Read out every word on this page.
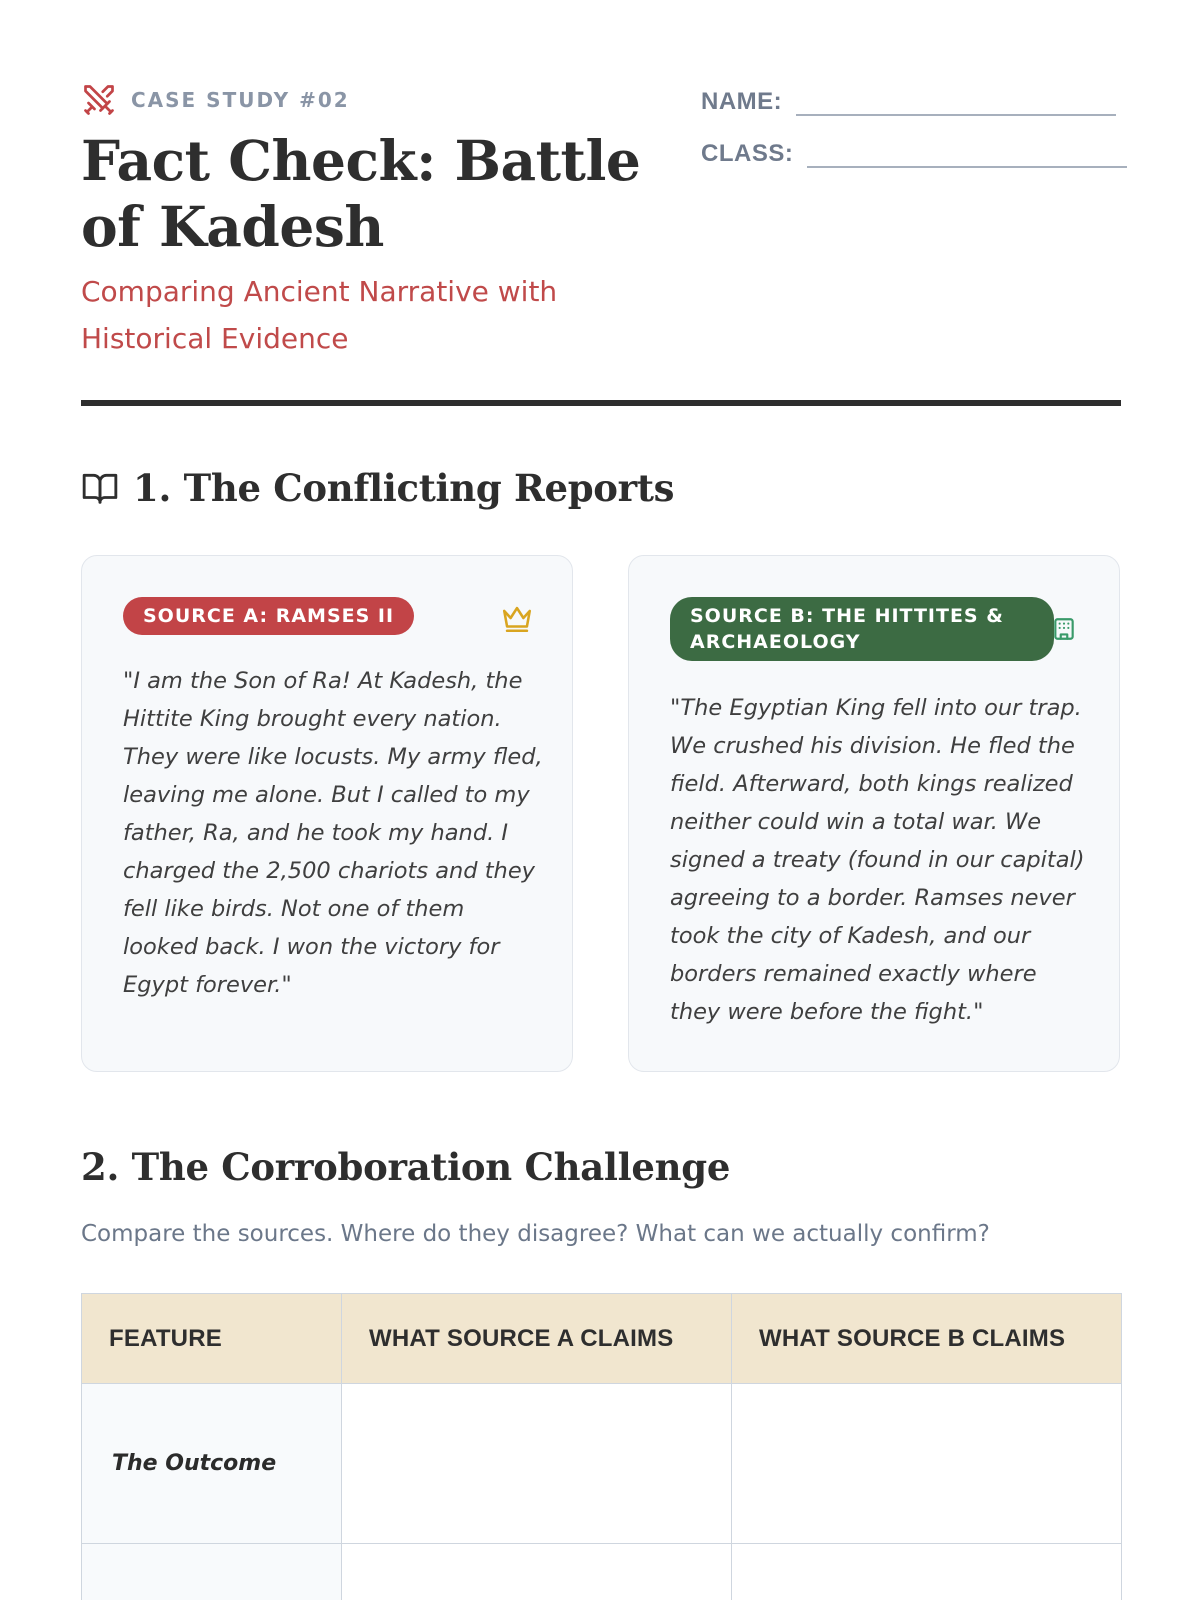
CASE STUDY #02
Fact Check: Battle of Kadesh

Comparing Ancient Narrative with Historical Evidence

NAME:
CLASS:
1. The Conflicting Reports
SOURCE A: RAMSES II

"I am the Son of Ra! At Kadesh, the Hittite King brought every nation. They were like locusts. My army fled, leaving me alone. But I called to my father, Ra, and he took my hand. I charged the 2,500 chariots and they fell like birds. Not one of them looked back. I won the victory for Egypt forever."

SOURCE B: THE HITTITES & ARCHAEOLOGY

"The Egyptian King fell into our trap. We crushed his division. He fled the field. Afterward, both kings realized neither could win a total war. We signed a treaty (found in our capital) agreeing to a border. Ramses never took the city of Kadesh, and our borders remained exactly where they were before the fight."

2. The Corroboration Challenge

Compare the sources. Where do they disagree? What can we actually confirm?

FEATURE	WHAT SOURCE A CLAIMS	WHAT SOURCE B CLAIMS
The Outcome		
